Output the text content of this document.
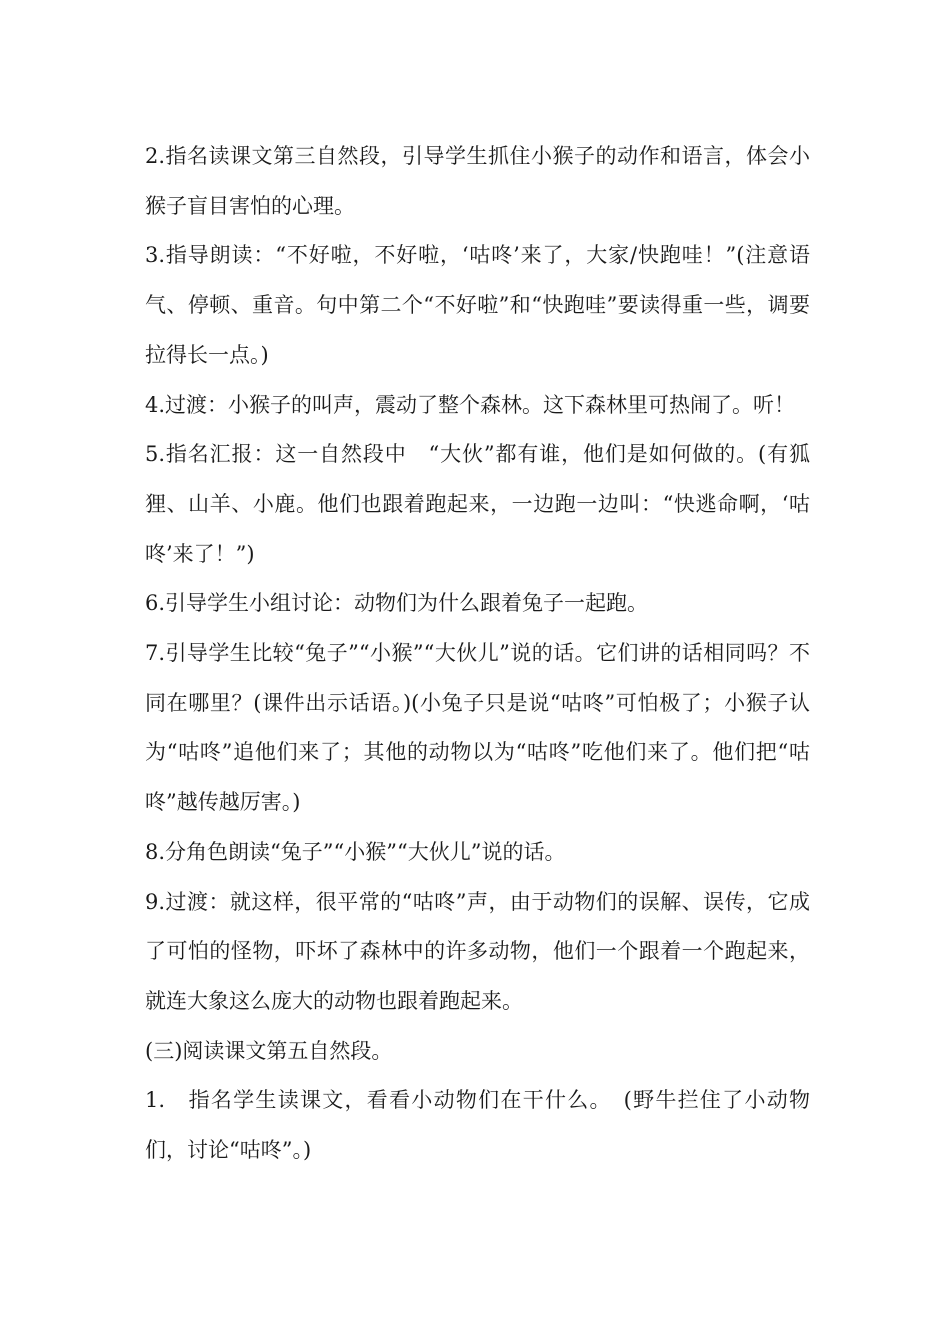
2.指名读课文第三自然段，引导学生抓住小猴子的动作和语言，体会小猴子盲目害怕的心理。

3.指导朗读：“不好啦，不好啦，‘咕咚’来了，大家/快跑哇！”(注意语气、停顿、重音。句中第二个“不好啦”和“快跑哇”要读得重一些，调要拉得长一点。)

4.过渡：小猴子的叫声，震动了整个森林。这下森林里可热闹了。听！

5.指名汇报：这一自然段中　“大伙”都有谁，他们是如何做的。(有狐狸、山羊、小鹿。他们也跟着跑起来，一边跑一边叫：“快逃命啊，‘咕咚’来了！”)

6.引导学生小组讨论：动物们为什么跟着兔子一起跑。

7.引导学生比较“兔子”“小猴”“大伙儿”说的话。它们讲的话相同吗？不同在哪里？(课件出示话语。)(小兔子只是说“咕咚”可怕极了；小猴子认为“咕咚”追他们来了；其他的动物以为“咕咚”吃他们来了。他们把“咕咚”越传越厉害。)

8.分角色朗读“兔子”“小猴”“大伙儿”说的话。

9.过渡：就这样，很平常的“咕咚”声，由于动物们的误解、误传，它成了可怕的怪物，吓坏了森林中的许多动物，他们一个跟着一个跑起来，就连大象这么庞大的动物也跟着跑起来。

(三)阅读课文第五自然段。

1.　指名学生读课文，看看小动物们在干什么。　(野牛拦住了小动物们，讨论“咕咚”。)
